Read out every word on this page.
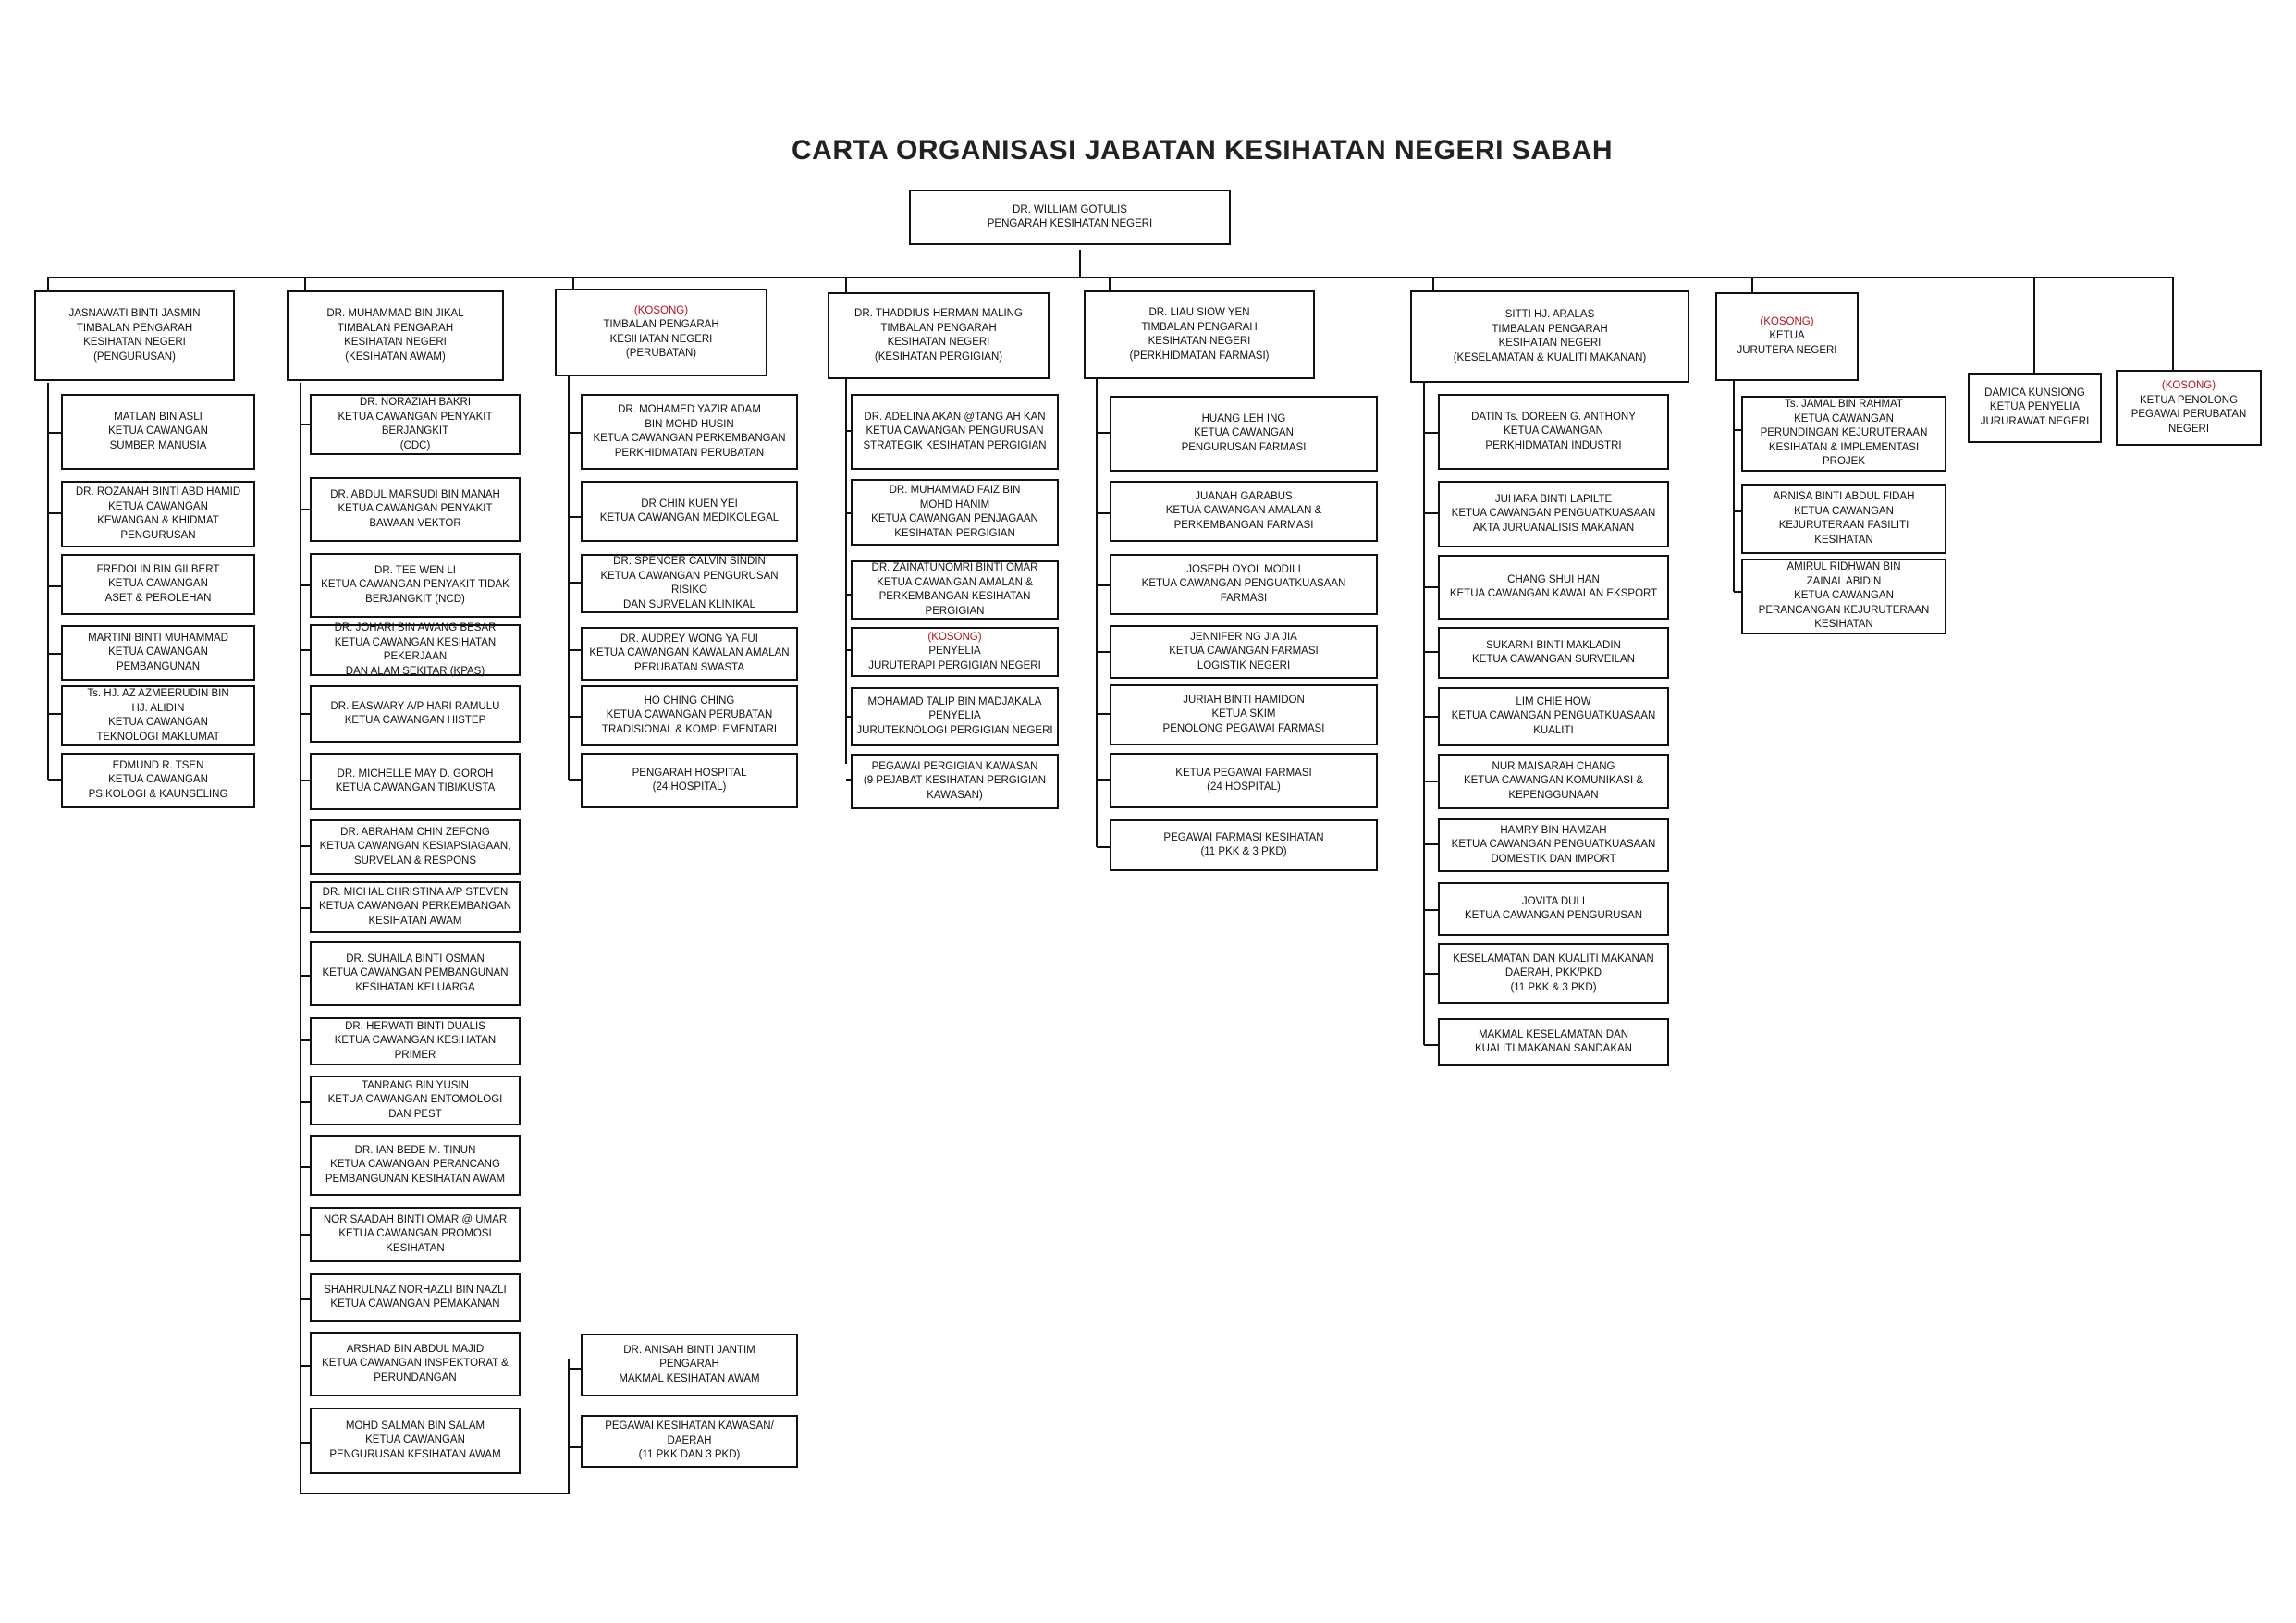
CARTA ORGANISASI JABATAN KESIHATAN NEGERI SABAH
DR. WILLIAM GOTULIS
PENGARAH KESIHATAN NEGERI
JASNAWATI BINTI JASMIN
TIMBALAN PENGARAH
KESIHATAN NEGERI
(PENGURUSAN)
DR. MUHAMMAD BIN JIKAL
TIMBALAN PENGARAH
KESIHATAN NEGERI
(KESIHATAN AWAM)
(KOSONG)
TIMBALAN PENGARAH
KESIHATAN NEGERI
(PERUBATAN)
DR. THADDIUS HERMAN MALING
TIMBALAN PENGARAH
KESIHATAN NEGERI
(KESIHATAN PERGIGIAN)
DR. LIAU SIOW YEN
TIMBALAN PENGARAH
KESIHATAN NEGERI
(PERKHIDMATAN FARMASI)
SITTI HJ. ARALAS
TIMBALAN PENGARAH
KESIHATAN NEGERI
(KESELAMATAN & KUALITI MAKANAN)
(KOSONG)
KETUA
JURUTERA NEGERI
DAMICA KUNSIONG
KETUA PENYELIA
JURURAWAT NEGERI
(KOSONG)
KETUA PENOLONG
PEGAWAI PERUBATAN
NEGERI
MATLAN BIN ASLI
KETUA CAWANGAN
SUMBER MANUSIA
DR. ROZANAH BINTI ABD HAMID
KETUA CAWANGAN
KEWANGAN & KHIDMAT PENGURUSAN
FREDOLIN BIN GILBERT
KETUA CAWANGAN
ASET & PEROLEHAN
MARTINI BINTI MUHAMMAD
KETUA CAWANGAN
PEMBANGUNAN
Ts. HJ. AZ AZMEERUDIN BIN
HJ. ALIDIN
KETUA CAWANGAN
TEKNOLOGI MAKLUMAT
EDMUND R. TSEN
KETUA CAWANGAN
PSIKOLOGI & KAUNSELING
DR. NORAZIAH BAKRI
KETUA CAWANGAN PENYAKIT BERJANGKIT
(CDC)
DR. ABDUL MARSUDI BIN MANAH
KETUA CAWANGAN PENYAKIT
BAWAAN VEKTOR
DR. TEE WEN LI
KETUA CAWANGAN PENYAKIT TIDAK
BERJANGKIT (NCD)
DR. JOHARI BIN AWANG BESAR
KETUA CAWANGAN KESIHATAN PEKERJAAN
DAN ALAM SEKITAR (KPAS)
DR. EASWARY A/P HARI RAMULU
KETUA CAWANGAN HISTEP
DR. MICHELLE MAY D. GOROH
KETUA CAWANGAN TIBI/KUSTA
DR. ABRAHAM CHIN ZEFONG
KETUA CAWANGAN KESIAPSIAGAAN,
SURVELAN & RESPONS
DR. MICHAL CHRISTINA A/P STEVEN
KETUA CAWANGAN PERKEMBANGAN
KESIHATAN AWAM
DR. SUHAILA BINTI OSMAN
KETUA CAWANGAN PEMBANGUNAN
KESIHATAN KELUARGA
DR. HERWATI BINTI DUALIS
KETUA CAWANGAN KESIHATAN PRIMER
TANRANG BIN YUSIN
KETUA CAWANGAN ENTOMOLOGI
DAN PEST
DR. IAN BEDE M. TINUN
KETUA CAWANGAN PERANCANG
PEMBANGUNAN KESIHATAN AWAM
NOR SAADAH BINTI OMAR @ UMAR
KETUA CAWANGAN PROMOSI KESIHATAN
SHAHRULNAZ NORHAZLI BIN NAZLI
KETUA CAWANGAN PEMAKANAN
ARSHAD BIN ABDUL MAJID
KETUA CAWANGAN INSPEKTORAT &
PERUNDANGAN
MOHD SALMAN BIN SALAM
KETUA CAWANGAN
PENGURUSAN KESIHATAN AWAM
DR. ANISAH BINTI JANTIM
PENGARAH
MAKMAL KESIHATAN AWAM
PEGAWAI KESIHATAN KAWASAN/ DAERAH
(11 PKK DAN 3 PKD)
DR. MOHAMED YAZIR ADAM
BIN MOHD HUSIN
KETUA CAWANGAN PERKEMBANGAN
PERKHIDMATAN PERUBATAN
DR CHIN KUEN YEI
KETUA CAWANGAN MEDIKOLEGAL
DR. SPENCER CALVIN SINDIN
KETUA CAWANGAN PENGURUSAN RISIKO
DAN SURVELAN KLINIKAL
DR. AUDREY WONG YA FUI
KETUA CAWANGAN KAWALAN AMALAN
PERUBATAN SWASTA
HO CHING CHING
KETUA CAWANGAN PERUBATAN
TRADISIONAL & KOMPLEMENTARI
PENGARAH HOSPITAL
(24 HOSPITAL)
DR. ADELINA AKAN @TANG AH KAN
KETUA CAWANGAN PENGURUSAN
STRATEGIK KESIHATAN PERGIGIAN
DR. MUHAMMAD FAIZ BIN
MOHD HANIM
KETUA CAWANGAN PENJAGAAN
KESIHATAN PERGIGIAN
DR. ZAINATUNOMRI BINTI OMAR
KETUA CAWANGAN AMALAN &
PERKEMBANGAN KESIHATAN PERGIGIAN
(KOSONG)
PENYELIA
JURUTERAPI PERGIGIAN NEGERI
MOHAMAD TALIP BIN MADJAKALA
PENYELIA
JURUTEKNOLOGI PERGIGIAN NEGERI
PEGAWAI PERGIGIAN KAWASAN
(9 PEJABAT KESIHATAN PERGIGIAN
KAWASAN)
HUANG LEH ING
KETUA CAWANGAN
PENGURUSAN FARMASI
JUANAH GARABUS
KETUA CAWANGAN AMALAN &
PERKEMBANGAN FARMASI
JOSEPH OYOL MODILI
KETUA CAWANGAN PENGUATKUASAAN
FARMASI
JENNIFER NG JIA JIA
KETUA CAWANGAN FARMASI
LOGISTIK NEGERI
JURIAH BINTI HAMIDON
KETUA SKIM
PENOLONG PEGAWAI FARMASI
KETUA PEGAWAI FARMASI
(24 HOSPITAL)
PEGAWAI FARMASI KESIHATAN
(11 PKK & 3 PKD)
DATIN Ts. DOREEN G. ANTHONY
KETUA CAWANGAN
PERKHIDMATAN INDUSTRI
JUHARA BINTI LAPILTE
KETUA CAWANGAN PENGUATKUASAAN
AKTA JURUANALISIS MAKANAN
CHANG SHUI HAN
KETUA CAWANGAN KAWALAN EKSPORT
SUKARNI BINTI MAKLADIN
KETUA CAWANGAN SURVEILAN
LIM CHIE HOW
KETUA CAWANGAN PENGUATKUASAAN KUALITI
NUR MAISARAH CHANG
KETUA CAWANGAN KOMUNIKASI &
KEPENGGUNAAN
HAMRY BIN HAMZAH
KETUA CAWANGAN PENGUATKUASAAN
DOMESTIK DAN IMPORT
JOVITA DULI
KETUA CAWANGAN PENGURUSAN
KESELAMATAN DAN KUALITI MAKANAN
DAERAH, PKK/PKD
(11 PKK & 3 PKD)
MAKMAL KESELAMATAN DAN
KUALITI MAKANAN SANDAKAN
Ts. JAMAL BIN RAHMAT
KETUA CAWANGAN
PERUNDINGAN KEJURUTERAAN
KESIHATAN & IMPLEMENTASI PROJEK
ARNISA BINTI ABDUL FIDAH
KETUA CAWANGAN
KEJURUTERAAN FASILITI
KESIHATAN
AMIRUL RIDHWAN BIN
ZAINAL ABIDIN
KETUA CAWANGAN
PERANCANGAN KEJURUTERAAN
KESIHATAN
